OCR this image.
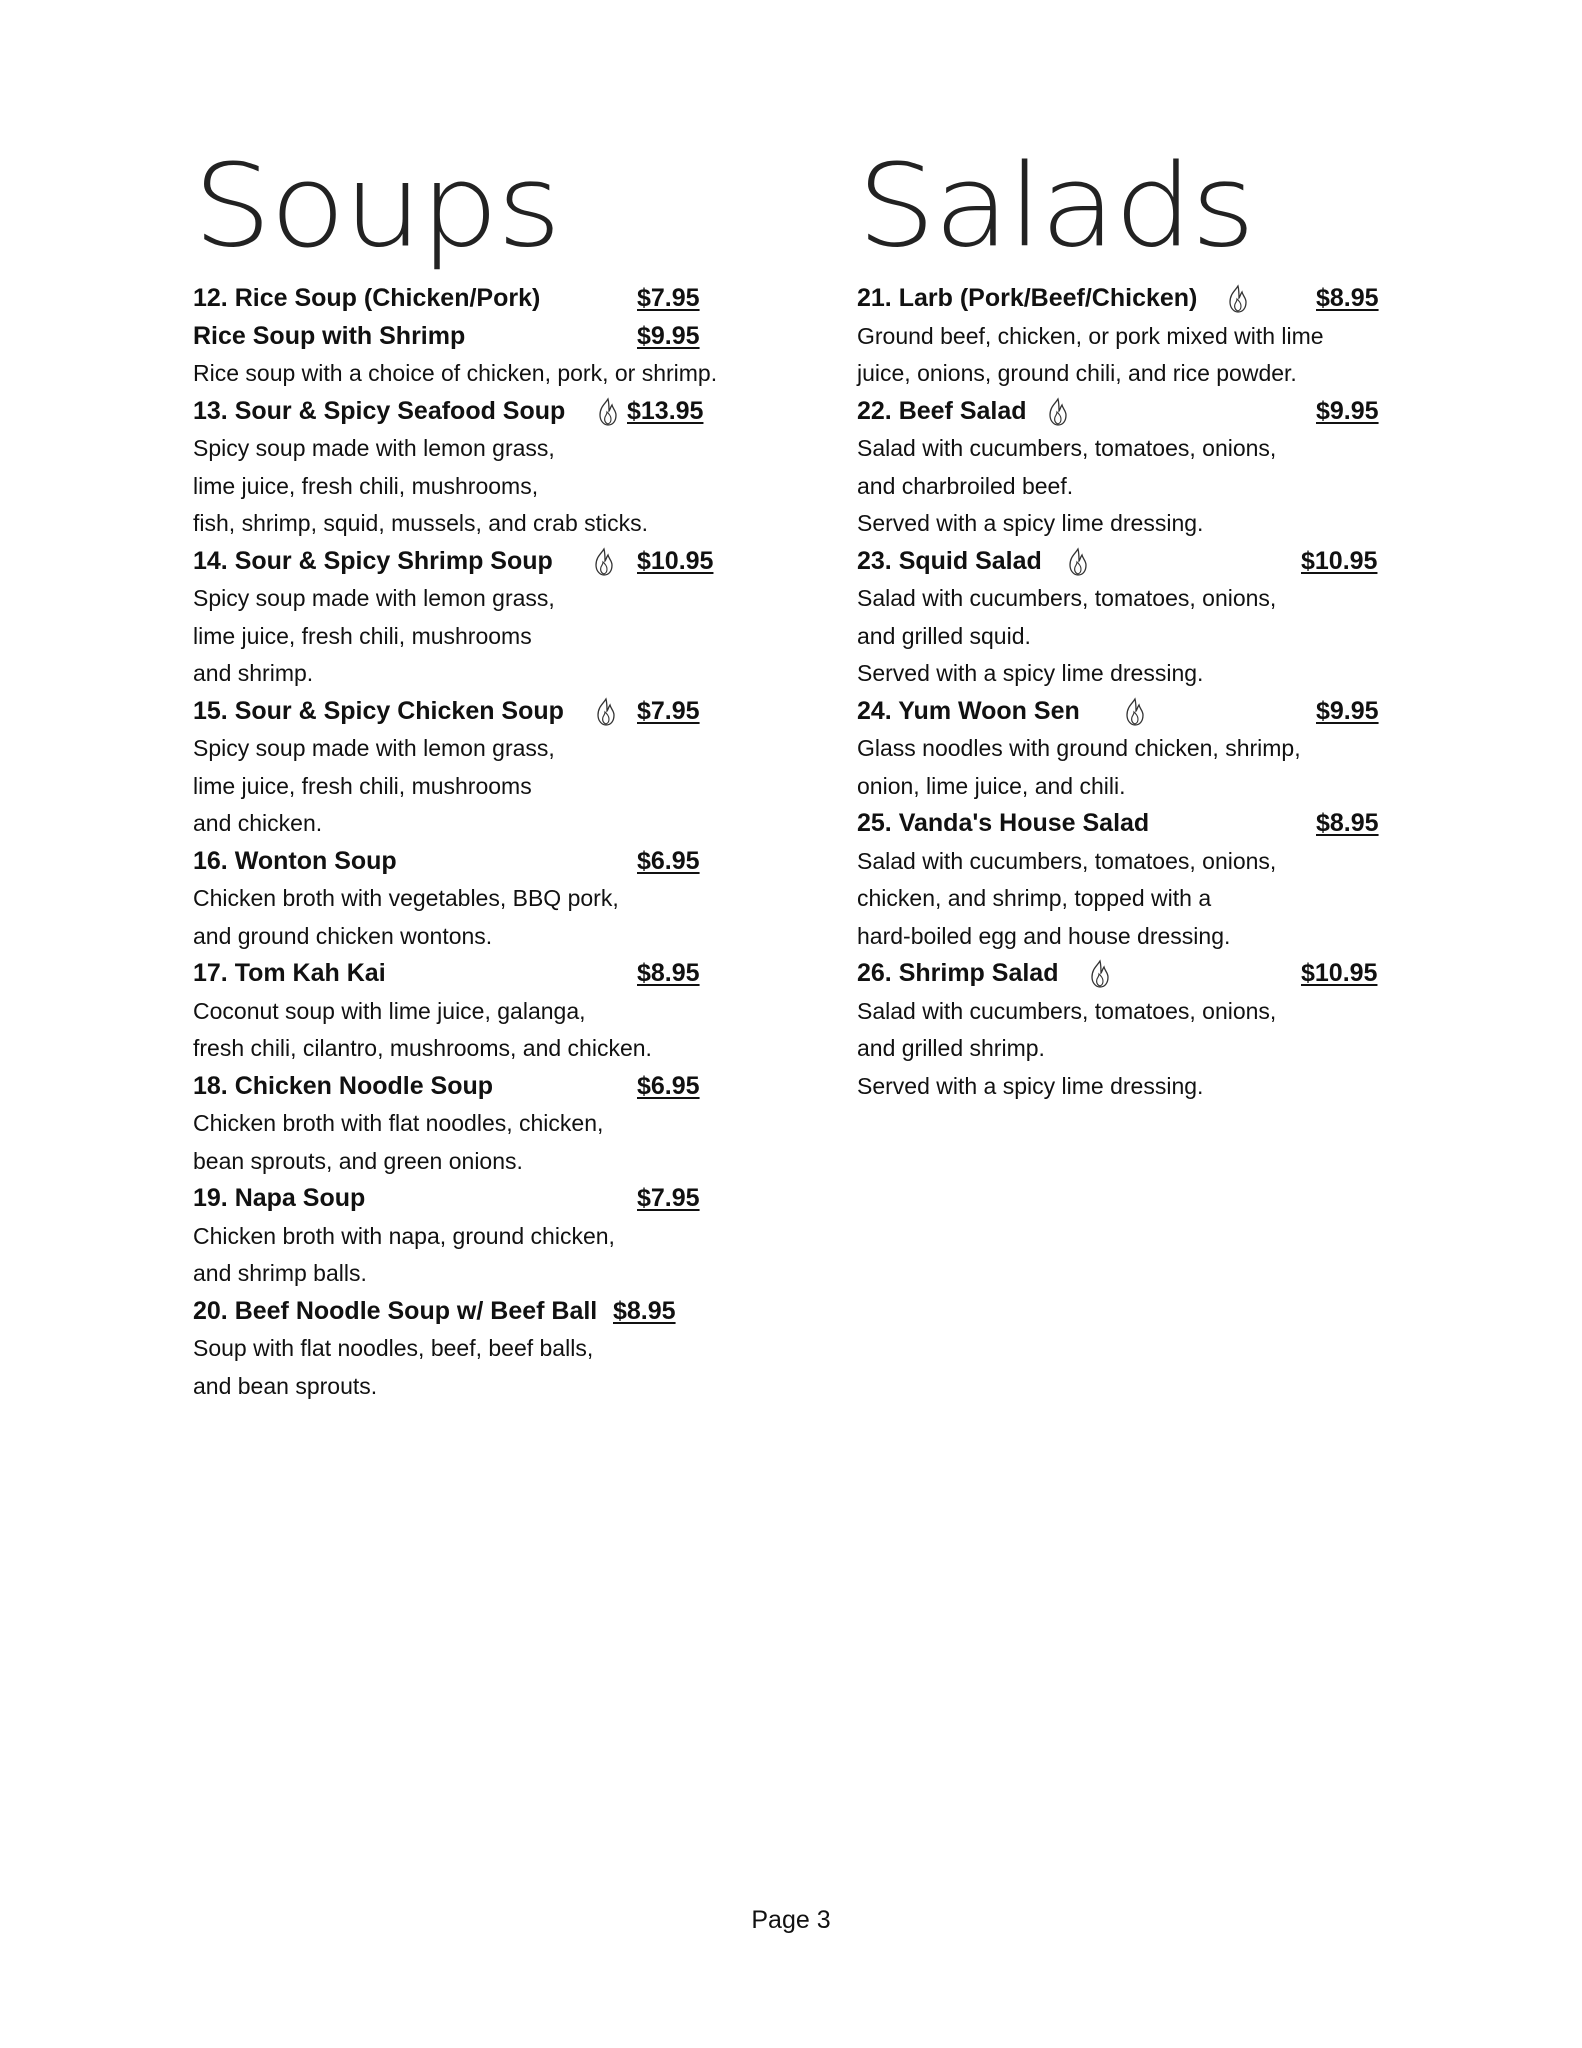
Soups
12. Rice Soup (Chicken/Pork)	$7.95
Rice Soup with Shrimp	$9.95
Rice soup with a choice of chicken, pork, or shrimp.
13. Sour & Spicy Seafood Soup $13.95
Spicy soup made with lemon grass,
lime juice, fresh chili, mushrooms,
fish, shrimp, squid, mussels, and crab sticks.
14. Sour & Spicy Shrimp Soup	$10.95
Spicy soup made with lemon grass,
lime juice, fresh chili, mushrooms
and shrimp.
15. Sour & Spicy Chicken Soup	$7.95
Spicy soup made with lemon grass,
lime juice, fresh chili, mushrooms
and chicken.
16. Wonton Soup	$6.95
Chicken broth with vegetables, BBQ pork,
and ground chicken wontons.
17. Tom Kah Kai	$8.95
Coconut soup with lime juice, galanga,
fresh chili, cilantro, mushrooms, and chicken.
18. Chicken Noodle Soup	$6.95
Chicken broth with flat noodles, chicken,
bean sprouts, and green onions.
19. Napa Soup	$7.95
Chicken broth with napa, ground chicken,
and shrimp balls.
20. Beef Noodle Soup w/ Beef Ball $8.95
Soup with flat noodles, beef, beef balls,
and bean sprouts.
Salads
21. Larb (Pork/Beef/Chicken)	$8.95
Ground beef, chicken, or pork mixed with lime
juice, onions, ground chili, and rice powder.
22. Beef Salad	$9.95
Salad with cucumbers, tomatoes, onions,
and charbroiled beef.
Served with a spicy lime dressing.
23. Squid Salad	$10.95
Salad with cucumbers, tomatoes, onions,
and grilled squid.
Served with a spicy lime dressing.
24. Yum Woon Sen	$9.95
Glass noodles with ground chicken, shrimp,
onion, lime juice, and chili.
25. Vanda's House Salad	$8.95
Salad with cucumbers, tomatoes, onions,
chicken, and shrimp, topped with a
hard-boiled egg and house dressing.
26. Shrimp Salad	$10.95
Salad with cucumbers, tomatoes, onions,
and grilled shrimp.
Served with a spicy lime dressing.
Page 3
